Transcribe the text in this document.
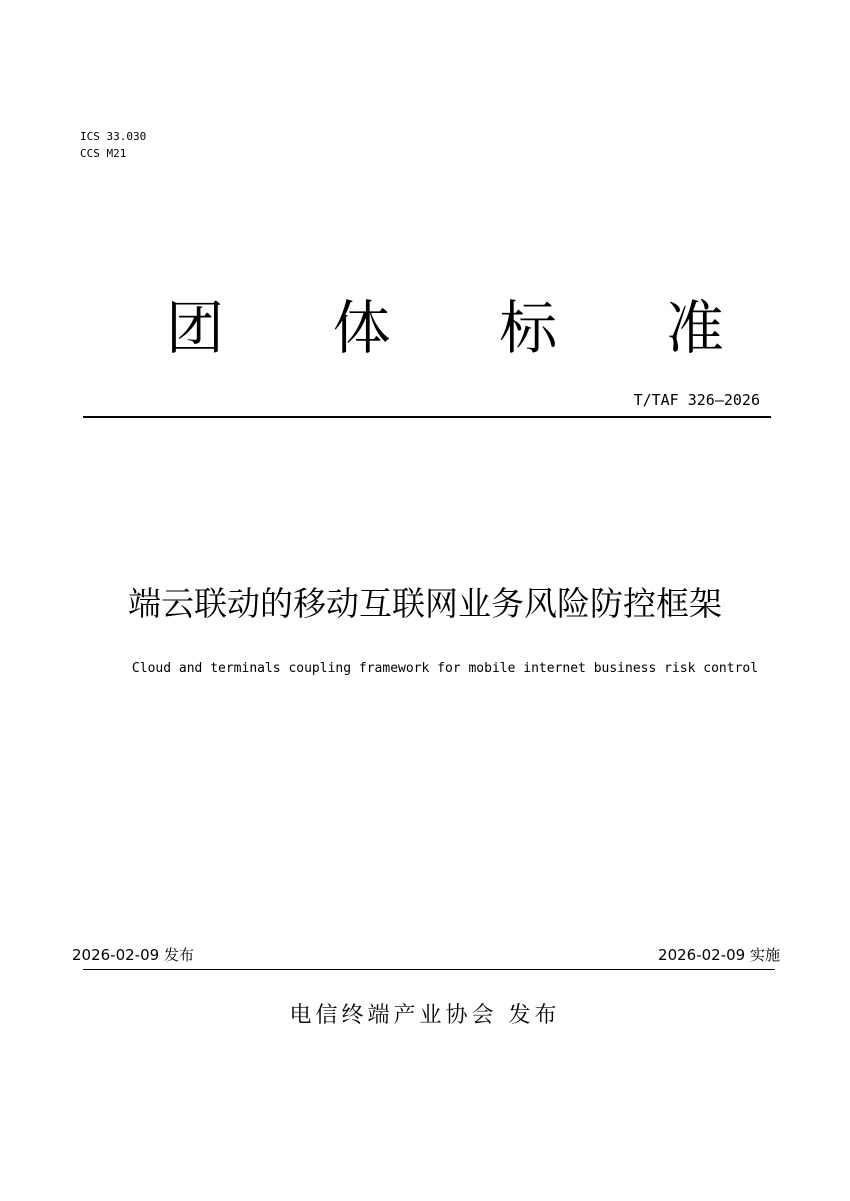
ICS 33.030
CCS M21
团	体	标	准
T/TAF 326—2026
端云联动的移动互联网业务风险防控框架
Cloud and terminals coupling framework for mobile internet business risk control
2026-02-09 发布	2026-02-09 实施
电信终端产业协会 发布
